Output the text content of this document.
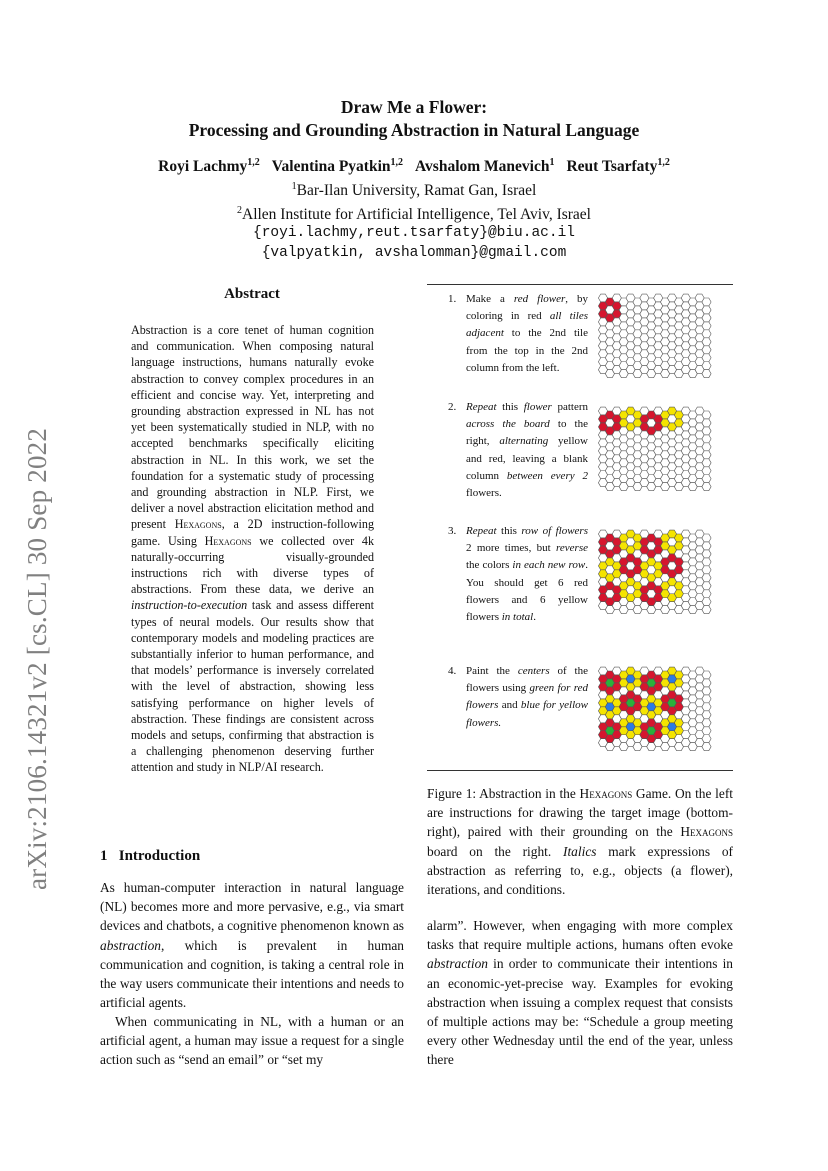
arXiv:2106.14321v2 [cs.CL] 30 Sep 2022
Draw Me a Flower:
Processing and Grounding Abstraction in Natural Language
Royi Lachmy$^{1,2}$ Valentina Pyatkin$^{1,2}$ Avshalom Manevich$^1$ Reut Tsarfaty$^{1,2}$
$^1$Bar-Ilan University, Ramat Gan, Israel
$^2$Allen Institute for Artificial Intelligence, Tel Aviv, Israel
{royi.lachmy,reut.tsarfaty}@biu.ac.il
{valpyatkin, avshalomman}@gmail.com
Abstract
Abstraction is a core tenet of human cognition and communication. When composing natural language instructions, humans naturally evoke abstraction to convey complex procedures in an efficient and concise way. Yet, interpreting and grounding abstraction expressed in NL has not yet been systematically studied in NLP, with no accepted benchmarks specifically eliciting abstraction in NL. In this work, we set the foundation for a systematic study of processing and grounding abstraction in NLP. First, we deliver a novel abstraction elicitation method and present Hexagons, a 2D instruction-following game. Using Hexagons we collected over 4k naturally-occurring visually-grounded instructions rich with diverse types of abstractions. From these data, we derive an instruction-to-execution task and assess different types of neural models. Our results show that contemporary models and modeling practices are substantially inferior to human performance, and that models’ performance is inversely correlated with the level of abstraction, showing less satisfying performance on higher levels of abstraction. These findings are consistent across models and setups, confirming that abstraction is a challenging phenomenon deserving further attention and study in NLP/AI research.
1 Introduction
As human-computer interaction in natural language (NL) becomes more and more pervasive, e.g., via smart devices and chatbots, a cognitive phenomenon known as abstraction, which is prevalent in human communication and cognition, is taking a central role in the way users communicate their intentions and needs to artificial agents.
When communicating in NL, with a human or an artificial agent, a human may issue a request for a single action such as “send an email” or “set my
alarm”. However, when engaging with more complex tasks that require multiple actions, humans often evoke abstraction in order to communicate their intentions in an economic-yet-precise way. Examples for evoking abstraction when issuing a complex request that consists of multiple actions may be: “Schedule a group meeting every other Wednesday until the end of the year, unless there
1. Make a red flower, by coloring in red all tiles adjacent to the 2nd tile from the top in the 2nd column from the left.
2. Repeat this flower pattern across the board to the right, alternating yellow and red, leaving a blank column between every 2 flowers.
3. Repeat this row of flowers 2 more times, but reverse the colors in each new row. You should get 6 red flowers and 6 yellow flowers in total.
4. Paint the centers of the flowers using green for red flowers and blue for yellow flowers.
Figure 1: Abstraction in the Hexagons Game. On the left are instructions for drawing the target image (bottom-right), paired with their grounding on the Hexagons board on the right. Italics mark expressions of abstraction as referring to, e.g., objects (a flower), iterations, and conditions.
